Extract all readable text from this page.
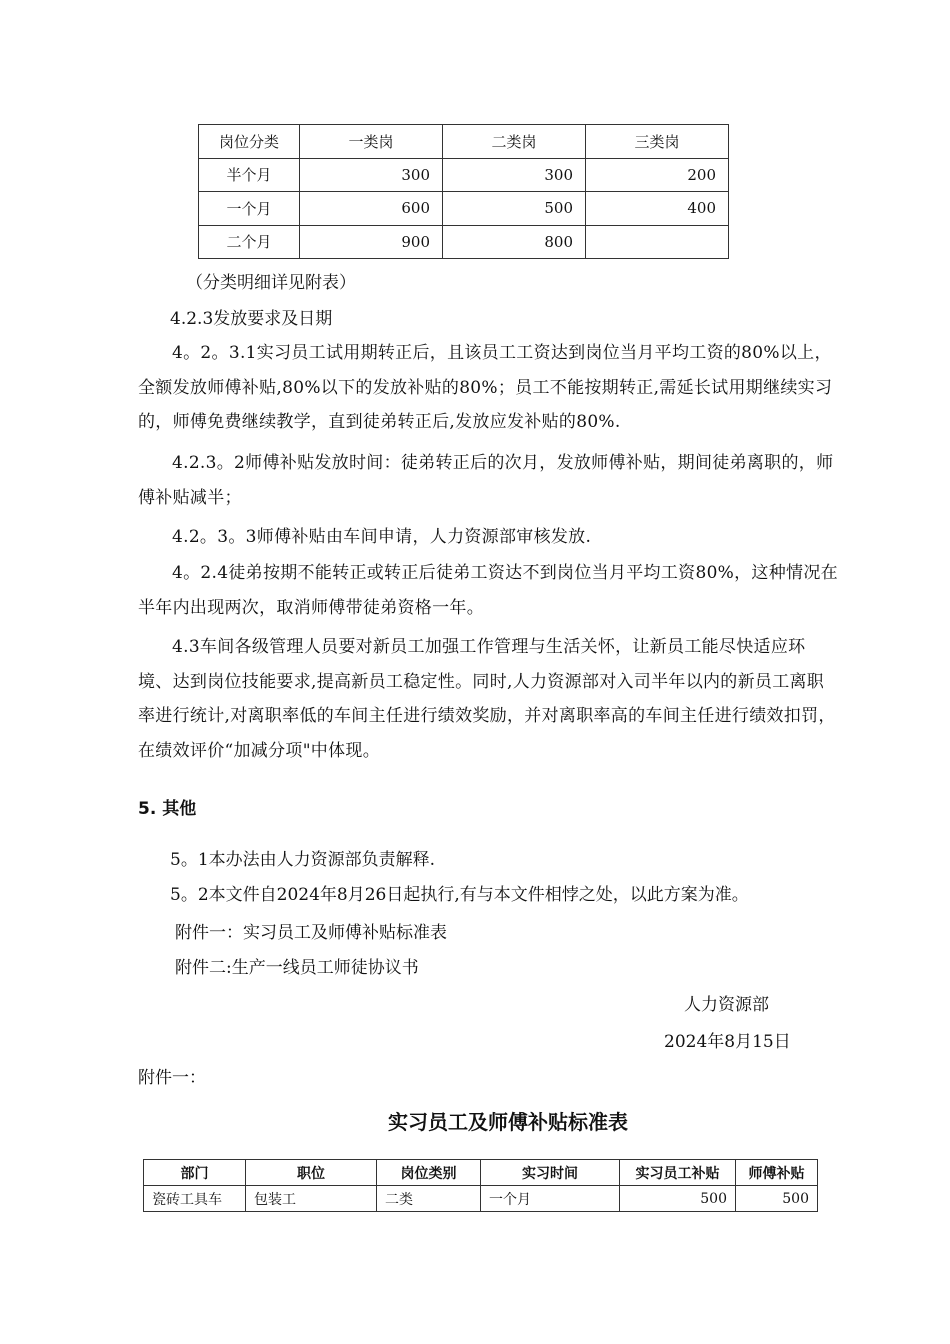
岗位分类	一类岗	二类岗	三类岗
半个月	300	300	200
一个月	600	500	400
二个月	900	800	
（分类明细详见附表）
4.2.3发放要求及日期
4。2。3.1实习员工试用期转正后，且该员工工资达到岗位当月平均工资的80%以上，全额发放师傅补贴,80%以下的发放补贴的80%；员工不能按期转正,需延长试用期继续实习的，师傅免费继续教学，直到徒弟转正后,发放应发补贴的80%.
4.2.3。2师傅补贴发放时间：徒弟转正后的次月，发放师傅补贴，期间徒弟离职的，师傅补贴减半；
4.2。3。3师傅补贴由车间申请，人力资源部审核发放.
4。2.4徒弟按期不能转正或转正后徒弟工资达不到岗位当月平均工资80%，这种情况在半年内出现两次，取消师傅带徒弟资格一年。
4.3车间各级管理人员要对新员工加强工作管理与生活关怀，让新员工能尽快适应环境、达到岗位技能要求,提高新员工稳定性。同时,人力资源部对入司半年以内的新员工离职率进行统计,对离职率低的车间主任进行绩效奖励，并对离职率高的车间主任进行绩效扣罚，在绩效评价“加减分项"中体现。
5. 其他
5。1本办法由人力资源部负责解释.
5。2本文件自2024年8月26日起执行,有与本文件相悖之处，以此方案为准。
附件一：实习员工及师傅补贴标准表
附件二:生产一线员工师徒协议书
人力资源部
2024年8月15日
附件一：
实习员工及师傅补贴标准表
部门	职位	岗位类别	实习时间	实习员工补贴	师傅补贴
瓷砖工具车	包装工	二类	一个月	500	500
